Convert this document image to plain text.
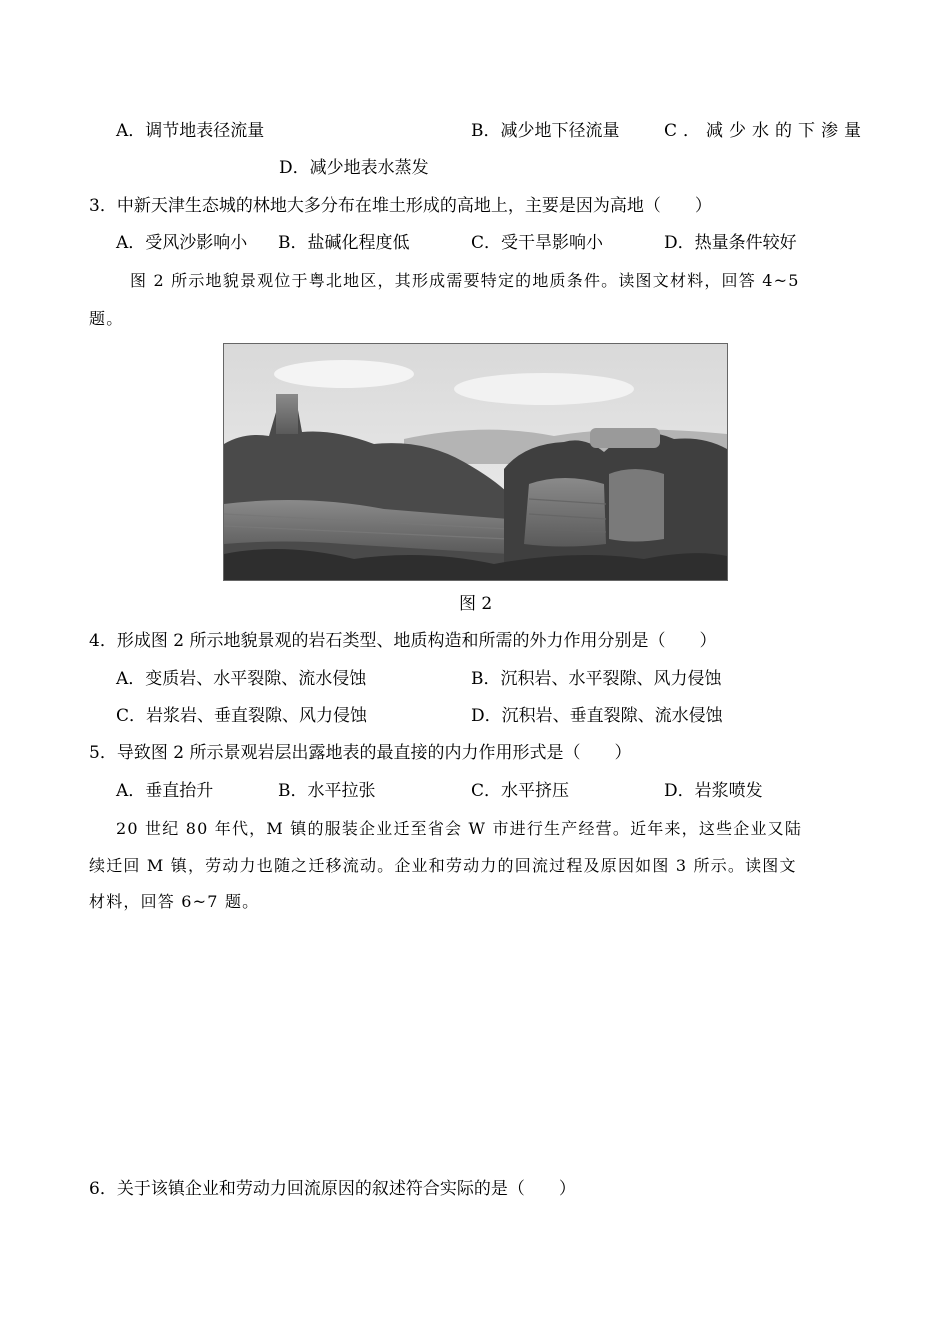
A．调节地表径流量	B．减少地下径流量	C．减少水的下渗量
D．减少地表水蒸发
3．中新天津生态城的林地大多分布在堆土形成的高地上，主要是因为高地（　　）
A．受风沙影响小 B．盐碱化程度低	C．受干旱影响小	D．热量条件较好
图 2 所示地貌景观位于粤北地区，其形成需要特定的地质条件。读图文材料，回答 4~5
题。
图 2
4．形成图 2 所示地貌景观的岩石类型、地质构造和所需的外力作用分别是（　　）
A．变质岩、水平裂隙、流水侵蚀	B．沉积岩、水平裂隙、风力侵蚀
C．岩浆岩、垂直裂隙、风力侵蚀	D．沉积岩、垂直裂隙、流水侵蚀
5．导致图 2 所示景观岩层出露地表的最直接的内力作用形式是（　　）
A．垂直抬升	B．水平拉张	C．水平挤压	D．岩浆喷发
20 世纪 80 年代，M 镇的服装企业迁至省会 W 市进行生产经营。近年来，这些企业又陆
续迁回 M 镇，劳动力也随之迁移流动。企业和劳动力的回流过程及原因如图 3 所示。读图文
材料，回答 6~7 题。
6．关于该镇企业和劳动力回流原因的叙述符合实际的是（　　）
